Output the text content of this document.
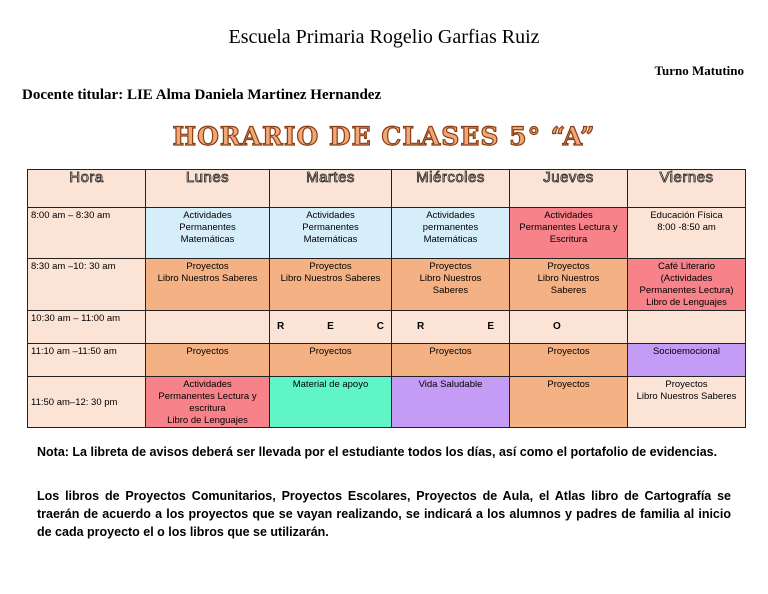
Escuela Primaria Rogelio Garfias Ruiz
Turno Matutino
Docente titular: LIE Alma Daniela Martinez Hernandez
HORARIO DE CLASES 5° “A”
Hora	Lunes	Martes	Miércoles	Jueves	Viernes
8:00 am – 8:30 am	Actividades
Permanentes
Matemáticas	Actividades
Permanentes
Matemáticas	Actividades
permanentes
Matemáticas	Actividades
Permanentes Lectura y
Escritura	Educación Física
8:00 -8:50 am
8:30 am –10: 30 am	Proyectos
Libro Nuestros Saberes	Proyectos
Libro Nuestros Saberes	Proyectos
Libro Nuestros
Saberes	Proyectos
Libro Nuestros
Saberes	Café Literario
(Actividades
Permanentes Lectura)
Libro de Lenguajes
10:30 am – 11:00 am		R E C	R E	O	

11:10 am –11:50 am	Proyectos	Proyectos	Proyectos	Proyectos	Socioemocional
11:50 am–12: 30 pm	Actividades
Permanentes Lectura y
escritura
Libro de Lenguajes	Material de apoyo	Vida Saludable	Proyectos	Proyectos
Libro Nuestros Saberes
Nota: La libreta de avisos deberá ser llevada por el estudiante todos los días, así como el portafolio de evidencias.
Los libros de Proyectos Comunitarios, Proyectos Escolares, Proyectos de Aula, el Atlas libro de Cartografía se traerán de acuerdo a los proyectos que se vayan realizando, se indicará a los alumnos y padres de familia al inicio de cada proyecto el o los libros que se utilizarán.
